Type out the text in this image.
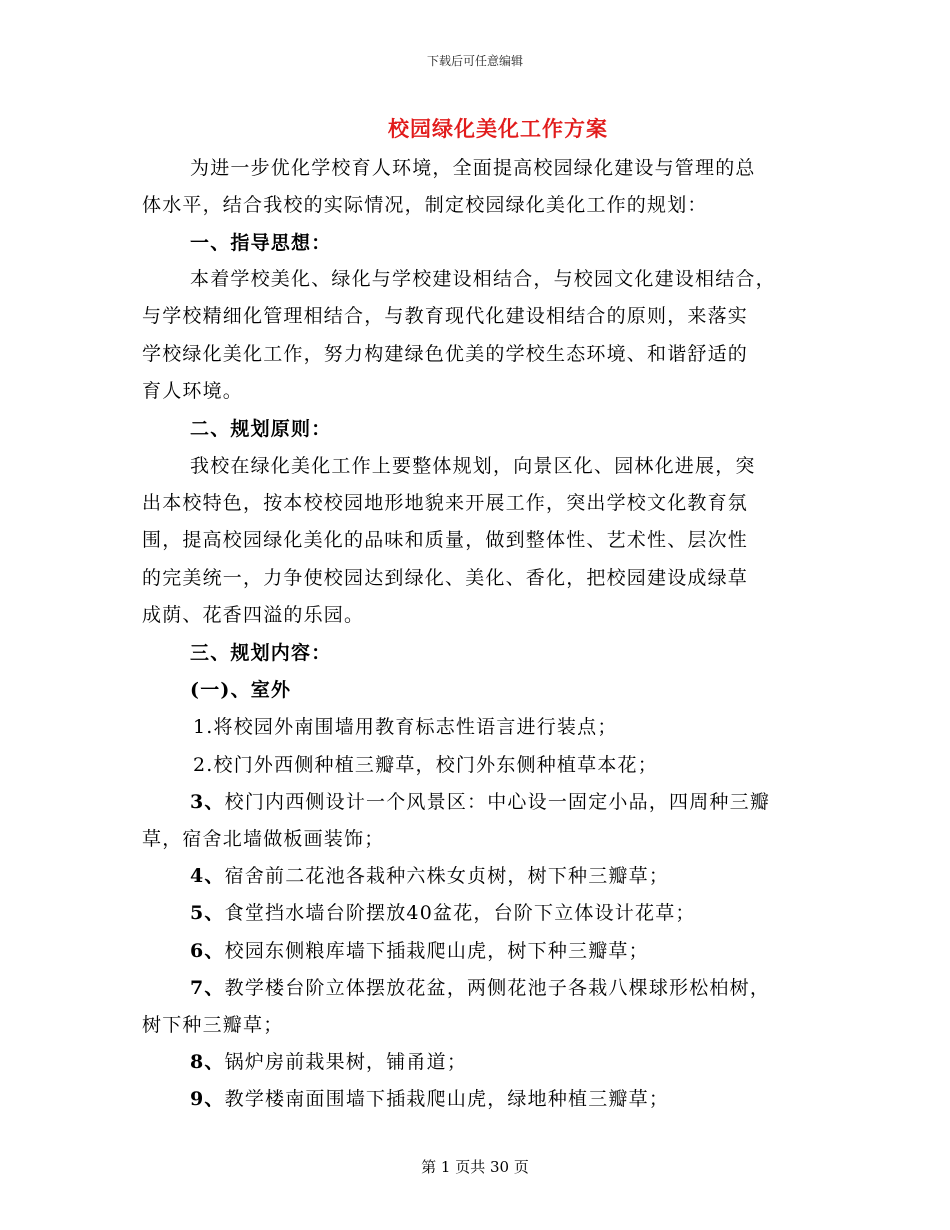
下载后可任意编辑
校园绿化美化工作方案
为进一步优化学校育人环境，全面提高校园绿化建设与管理的总
体水平，结合我校的实际情况，制定校园绿化美化工作的规划：
一、指导思想：
本着学校美化、绿化与学校建设相结合，与校园文化建设相结合，
与学校精细化管理相结合，与教育现代化建设相结合的原则，来落实
学校绿化美化工作，努力构建绿色优美的学校生态环境、和谐舒适的
育人环境。
二、规划原则：
我校在绿化美化工作上要整体规划，向景区化、园林化进展，突
出本校特色，按本校校园地形地貌来开展工作，突出学校文化教育氛
围，提高校园绿化美化的品味和质量，做到整体性、艺术性、层次性
的完美统一，力争使校园达到绿化、美化、香化，把校园建设成绿草
成荫、花香四溢的乐园。
三、规划内容：
(一)、室外
1.将校园外南围墙用教育标志性语言进行装点；
2.校门外西侧种植三瓣草，校门外东侧种植草本花；
3、校门内西侧设计一个风景区：中心设一固定小品，四周种三瓣
草，宿舍北墙做板画装饰；
4、宿舍前二花池各栽种六株女贞树，树下种三瓣草；
5、食堂挡水墙台阶摆放40盆花，台阶下立体设计花草；
6、校园东侧粮库墙下插栽爬山虎，树下种三瓣草；
7、教学楼台阶立体摆放花盆，两侧花池子各栽八棵球形松柏树，
树下种三瓣草；
8、锅炉房前栽果树，铺甬道；
9、教学楼南面围墙下插栽爬山虎，绿地种植三瓣草；
第 1 页共 30 页
